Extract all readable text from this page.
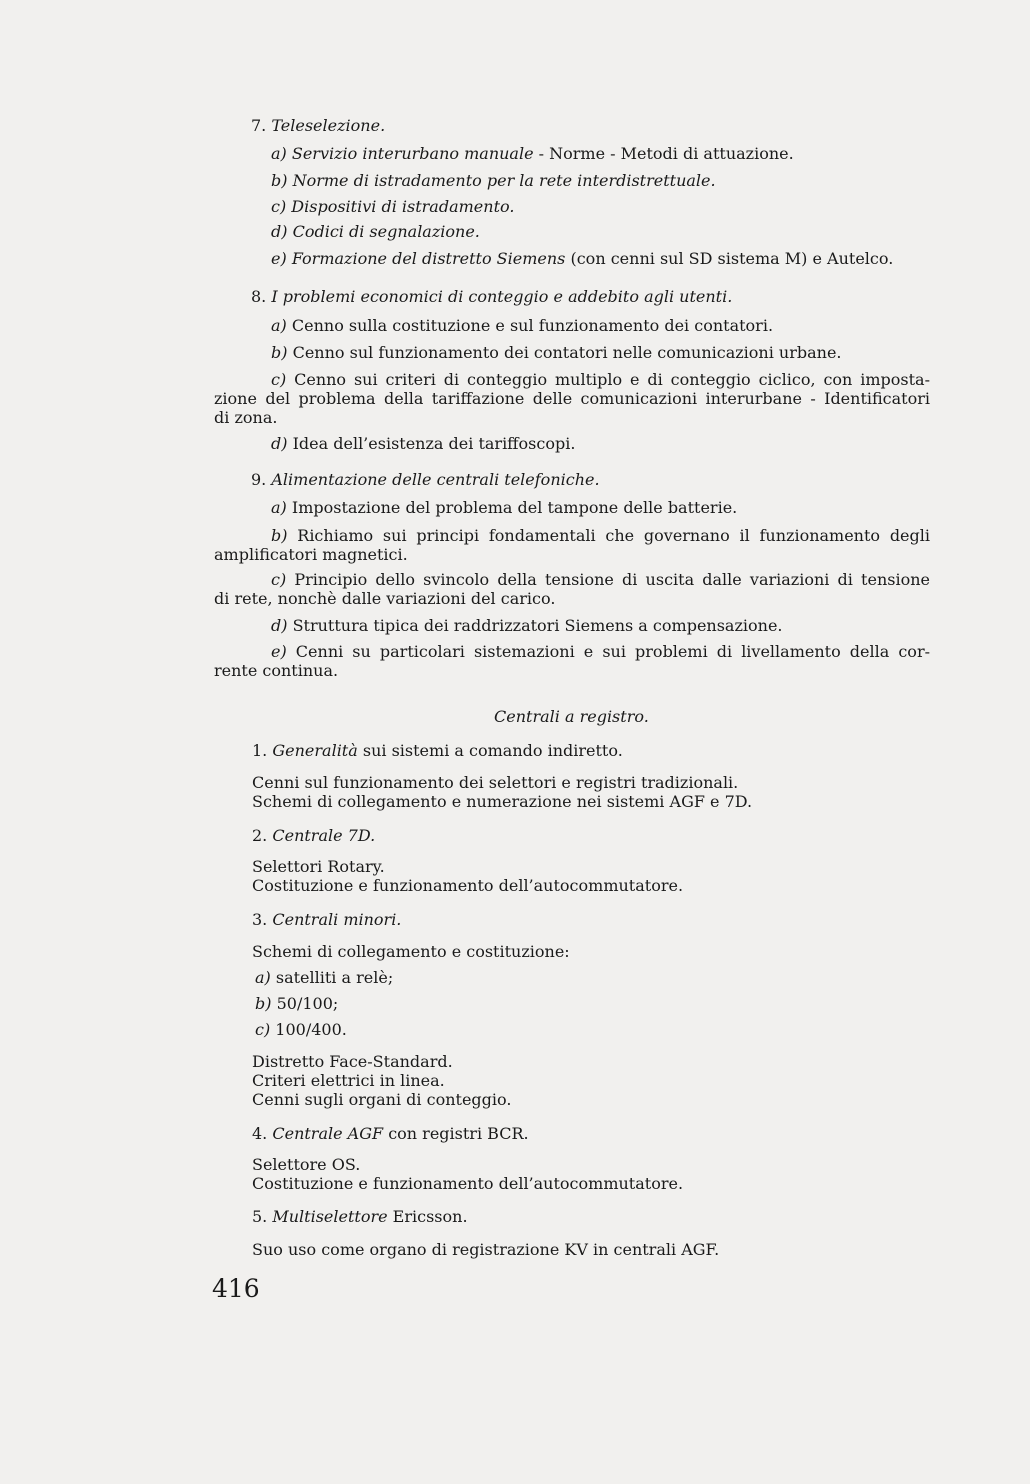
7. Teleselezione.
a) Servizio interurbano manuale - Norme - Metodi di attuazione.
b) Norme di istradamento per la rete interdistrettuale.
c) Dispositivi di istradamento.
d) Codici di segnalazione.
e) Formazione del distretto Siemens (con cenni sul SD sistema M) e Autelco.
8. I problemi economici di conteggio e addebito agli utenti.
a) Cenno sulla costituzione e sul funzionamento dei contatori.
b) Cenno sul funzionamento dei contatori nelle comunicazioni urbane.
c) Cenno sui criteri di conteggio multiplo e di conteggio ciclico, con imposta-
zione del problema della tariffazione delle comunicazioni interurbane - Identificatori
di zona.
d) Idea dell’esistenza dei tariffoscopi.
9. Alimentazione delle centrali telefoniche.
a) Impostazione del problema del tampone delle batterie.
b) Richiamo sui principi fondamentali che governano il funzionamento degli
amplificatori magnetici.
c) Principio dello svincolo della tensione di uscita dalle variazioni di tensione
di rete, nonchè dalle variazioni del carico.
d) Struttura tipica dei raddrizzatori Siemens a compensazione.
e) Cenni su particolari sistemazioni e sui problemi di livellamento della cor-
rente continua.
Centrali a registro.
1. Generalità sui sistemi a comando indiretto.
Cenni sul funzionamento dei selettori e registri tradizionali.
Schemi di collegamento e numerazione nei sistemi AGF e 7D.
2. Centrale 7D.
Selettori Rotary.
Costituzione e funzionamento dell’autocommutatore.
3. Centrali minori.
Schemi di collegamento e costituzione:
a) satelliti a relè;
b) 50/100;
c) 100/400.
Distretto Face-Standard.
Criteri elettrici in linea.
Cenni sugli organi di conteggio.
4. Centrale AGF con registri BCR.
Selettore OS.
Costituzione e funzionamento dell’autocommutatore.
5. Multiselettore Ericsson.
Suo uso come organo di registrazione KV in centrali AGF.
416
